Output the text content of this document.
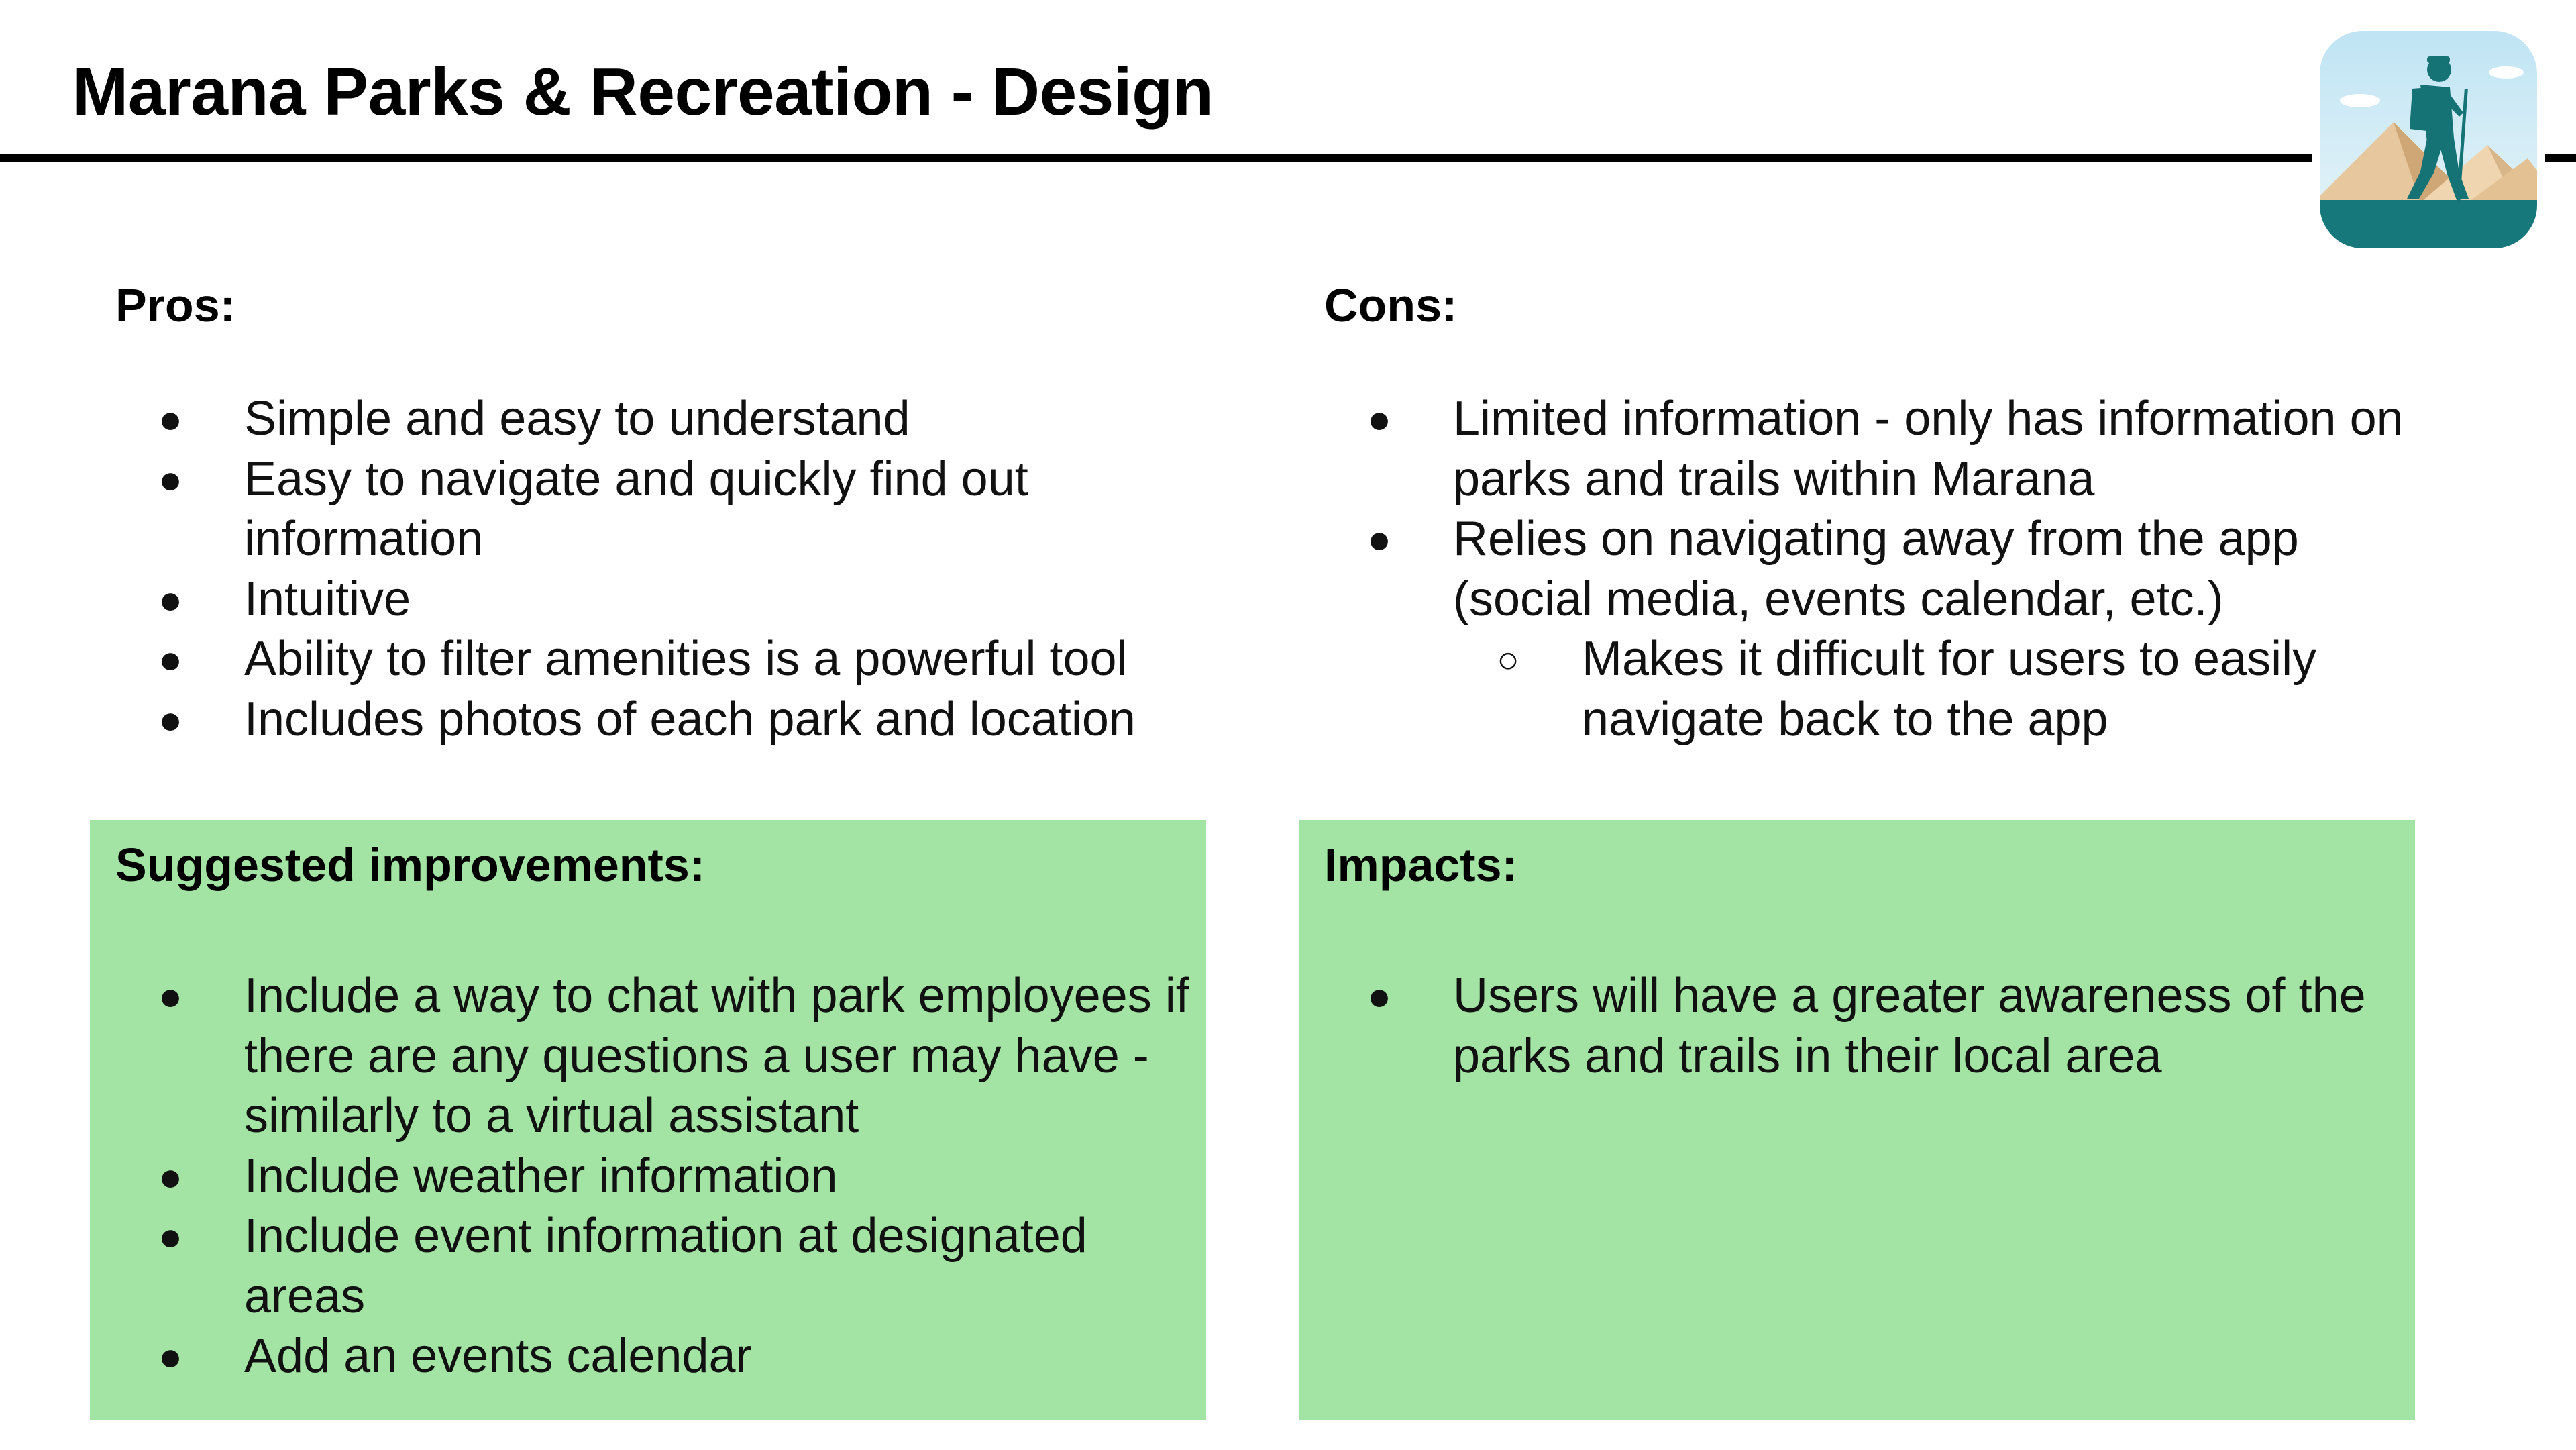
Marana Parks & Recreation - Design
Pros:
● Simple and easy to understand
● Easy to navigate and quickly find out information
● Intuitive
● Ability to filter amenities is a powerful tool
● Includes photos of each park and location
Cons:
● Limited information - only has information on parks and trails within Marana
● Relies on navigating away from the app (social media, events calendar, etc.)
○ Makes it difficult for users to easily navigate back to the app
Suggested improvements:
● Include a way to chat with park employees if there are any questions a user may have - similarly to a virtual assistant
● Include weather information
● Include event information at designated areas
● Add an events calendar
Impacts:
● Users will have a greater awareness of the parks and trails in their local area
